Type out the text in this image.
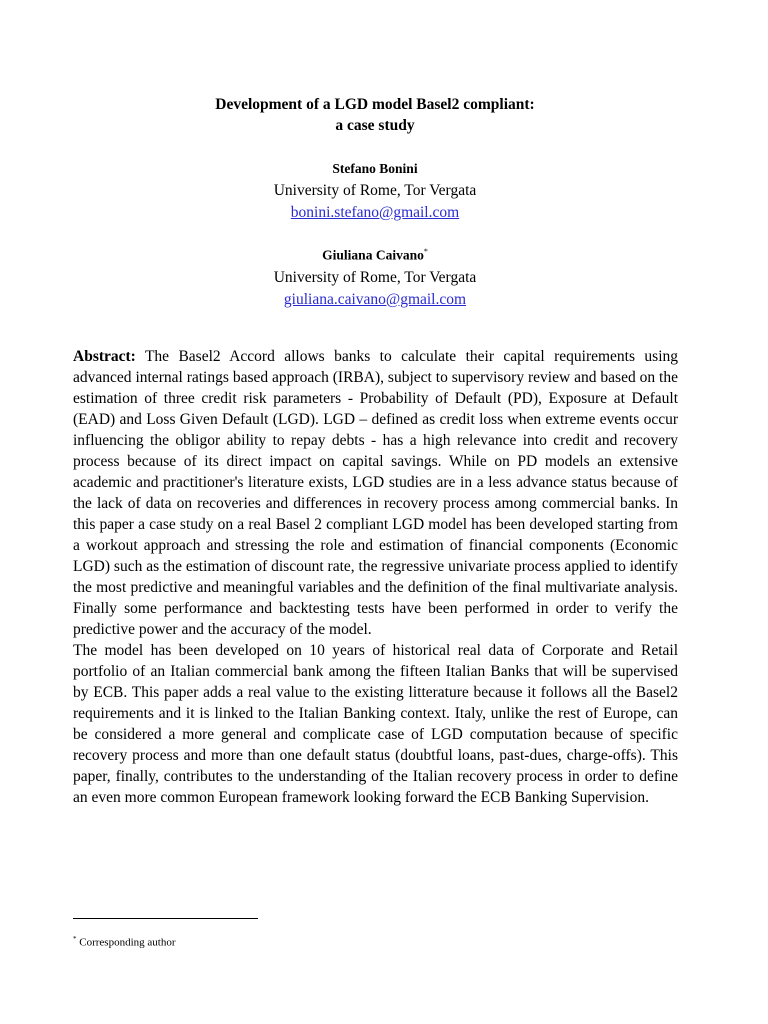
Development of a LGD model Basel2 compliant:
a case study
Stefano Bonini
University of Rome, Tor Vergata
bonini.stefano@gmail.com
Giuliana Caivano*
University of Rome, Tor Vergata
giuliana.caivano@gmail.com

Abstract: The Basel2 Accord allows banks to calculate their capital requirements using advanced internal ratings based approach (IRBA), subject to supervisory review and based on the estimation of three credit risk parameters - Probability of Default (PD), Exposure at Default (EAD) and Loss Given Default (LGD). LGD – defined as credit loss when extreme events occur influencing the obligor ability to repay debts - has a high relevance into credit and recovery process because of its direct impact on capital savings. While on PD models an extensive academic and practitioner's literature exists, LGD studies are in a less advance status because of the lack of data on recoveries and differences in recovery process among commercial banks. In this paper a case study on a real Basel 2 compliant LGD model has been developed starting from a workout approach and stressing the role and estimation of financial components (Economic LGD) such as the estimation of discount rate, the regressive univariate process applied to identify the most predictive and meaningful variables and the definition of the final multivariate analysis. Finally some performance and backtesting tests have been performed in order to verify the predictive power and the accuracy of the model.

The model has been developed on 10 years of historical real data of Corporate and Retail portfolio of an Italian commercial bank among the fifteen Italian Banks that will be supervised by ECB. This paper adds a real value to the existing litterature because it follows all the Basel2 requirements and it is linked to the Italian Banking context. Italy, unlike the rest of Europe, can be considered a more general and complicate case of LGD computation because of specific recovery process and more than one default status (doubtful loans, past-dues, charge-offs). This paper, finally, contributes to the understanding of the Italian recovery process in order to define an even more common European framework looking forward the ECB Banking Supervision.

* Corresponding author
